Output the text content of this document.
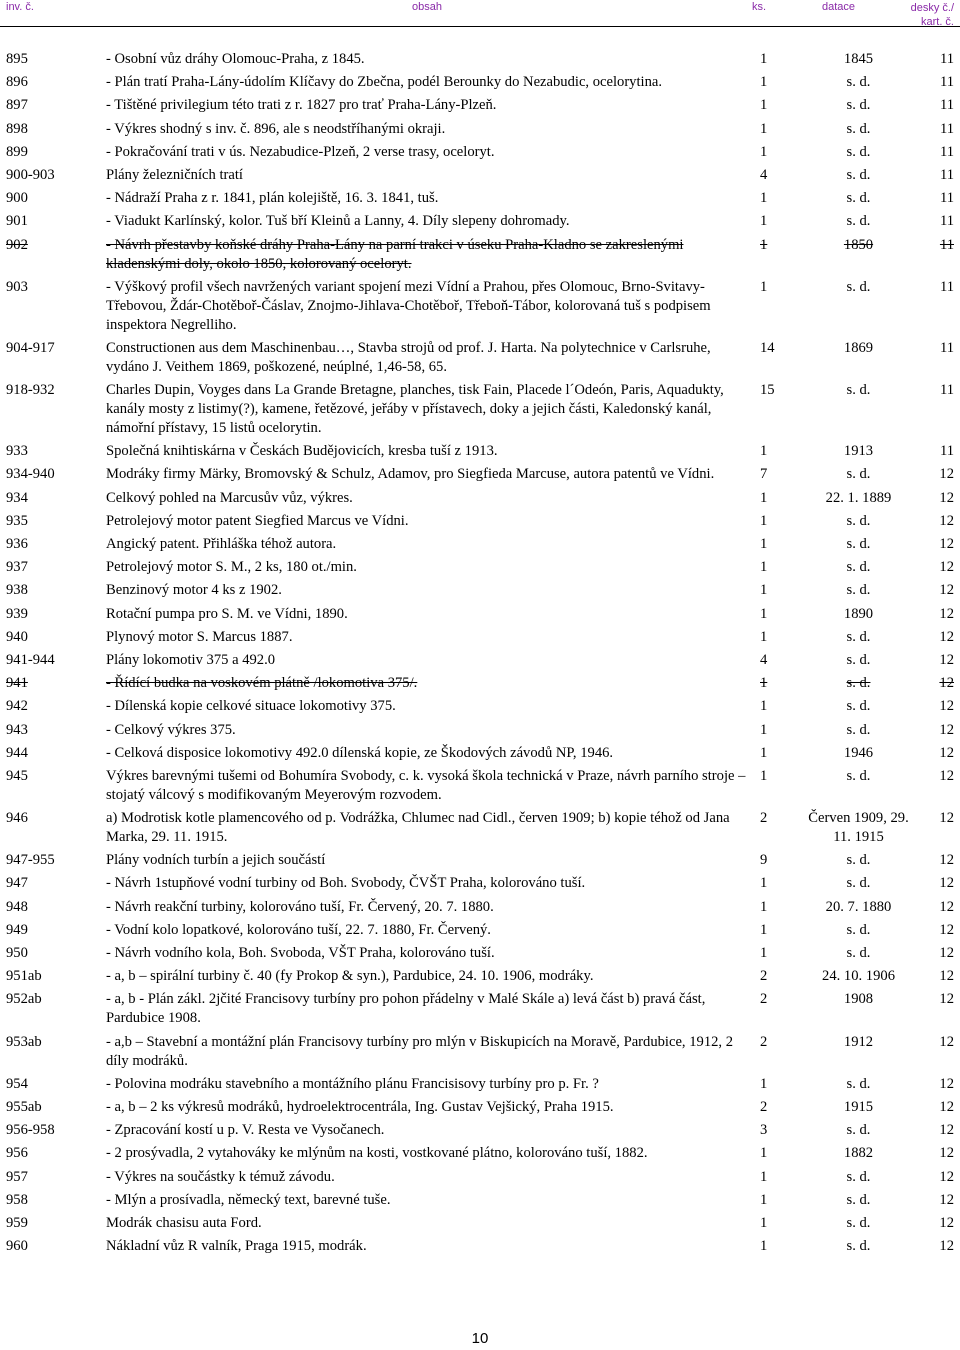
inv. č.	obsah	ks.	datace	desky č./
kart. č.
895	- Osobní vůz dráhy Olomouc-Praha, z 1845.	1	1845	11
896	- Plán tratí Praha-Lány-údolím Klíčavy do Zbečna, podél Berounky do Nezabudic, ocelorytina.	1	s. d.	11
897	- Tištěné privilegium této trati z r. 1827 pro trať Praha-Lány-Plzeň.	1	s. d.	11
898	- Výkres shodný s inv. č. 896, ale s neodstříhanými okraji.	1	s. d.	11
899	- Pokračování trati v ús. Nezabudice-Plzeň, 2 verse trasy, oceloryt.	1	s. d.	11
900-903	Plány železničních tratí	4	s. d.	11
900	- Nádraží Praha z r. 1841, plán kolejiště, 16. 3. 1841, tuš.	1	s. d.	11
901	- Viadukt Karlínský, kolor. Tuš bří Kleinů a Lanny, 4. Díly slepeny dohromady.	1	s. d.	11
902	- Návrh přestavby koňské dráhy Praha-Lány na parní trakci v úseku Praha-Kladno se zakreslenými kladenskými doly, okolo 1850, kolorovaný oceloryt.	1	1850	11
903	- Výškový profil všech navržených variant spojení mezi Vídní a Prahou, přes Olomouc, Brno-Svitavy-Třebovou, Ždár-Chotěboř-Čáslav, Znojmo-Jihlava-Chotěboř, Třeboň-Tábor, kolorovaná tuš s podpisem inspektora Negrelliho.	1	s. d.	11
904-917	Constructionen aus dem Maschinenbau…, Stavba strojů od prof. J. Harta. Na polytechnice v Carlsruhe, vydáno J. Veithem 1869, poškozené, neúplné, 1,46-58, 65.	14	1869	11
918-932	Charles Dupin, Voyges dans La Grande Bretagne, planches, tisk Fain, Placede l´Odeón, Paris, Aquadukty, kanály mosty z listimy(?), kamene, řetězové, jeřáby v přístavech, doky a jejich části, Kaledonský kanál, námořní přístavy, 15 listů ocelorytin.	15	s. d.	11
933	Společná knihtiskárna v Českách Budějovicích, kresba tuší z 1913.	1	1913	11
934-940	Modráky firmy Märky, Bromovský & Schulz, Adamov, pro Siegfieda Marcuse, autora patentů ve Vídni.	7	s. d.	12
934	Celkový pohled na Marcusův vůz, výkres.	1	22. 1. 1889	12
935	Petrolejový motor patent Siegfied Marcus ve Vídni.	1	s. d.	12
936	Angický patent. Přihláška téhož autora.	1	s. d.	12
937	Petrolejový motor S. M., 2 ks, 180 ot./min.	1	s. d.	12
938	Benzinový motor 4 ks z 1902.	1	s. d.	12
939	Rotační pumpa pro S. M. ve Vídni, 1890.	1	1890	12
940	Plynový motor S. Marcus 1887.	1	s. d.	12
941-944	Plány lokomotiv 375 a 492.0	4	s. d.	12
941	- Řídící budka na voskovém plátně /lokomotiva 375/.	1	s. d.	12
942	- Dílenská kopie celkové situace lokomotivy 375.	1	s. d.	12
943	- Celkový výkres 375.	1	s. d.	12
944	- Celková disposice lokomotivy 492.0 dílenská kopie, ze Škodových závodů NP, 1946.	1	1946	12
945	Výkres barevnými tušemi od Bohumíra Svobody, c. k. vysoká škola technická v Praze, návrh parního stroje –stojatý válcový s modifikovaným Meyerovým rozvodem.	1	s. d.	12
946	a) Modrotisk kotle plamencového od p. Vodrážka, Chlumec nad Cidl., červen 1909; b) kopie téhož od Jana Marka, 29. 11. 1915.	2	Červen 1909, 29. 11. 1915	12
947-955	Plány vodních turbín a jejich součástí	9	s. d.	12
947	- Návrh 1stupňové vodní turbiny od Boh. Svobody, ČVŠT Praha, kolorováno tuší.	1	s. d.	12
948	- Návrh reakční turbiny, kolorováno tuší, Fr. Červený, 20. 7. 1880.	1	20. 7. 1880	12
949	- Vodní kolo lopatkové, kolorováno tuší, 22. 7. 1880, Fr. Červený.	1	s. d.	12
950	- Návrh vodního kola, Boh. Svoboda, VŠT Praha, kolorováno tuší.	1	s. d.	12
951ab	- a, b – spirální turbiny č. 40 (fy Prokop & syn.), Pardubice, 24. 10. 1906, modráky.	2	24. 10. 1906	12
952ab	- a, b - Plán zákl. 2jčité Francisovy turbíny pro pohon přádelny v Malé Skále a) levá část b) pravá část, Pardubice 1908.	2	1908	12
953ab	- a,b – Stavební a montážní plán Francisovy turbíny pro mlýn v Biskupicích na Moravě, Pardubice, 1912, 2 díly modráků.	2	1912	12
954	- Polovina modráku stavebního a montážního plánu Francisisovy turbíny pro p. Fr. ?	1	s. d.	12
955ab	- a, b – 2 ks výkresů modráků, hydroelektrocentrála, Ing. Gustav Vejšický, Praha 1915.	2	1915	12
956-958	- Zpracování kostí u p. V. Resta ve Vysočanech.	3	s. d.	12
956	- 2 prosývadla, 2 vytahováky ke mlýnům na kosti, vostkované plátno, kolorováno tuší, 1882.	1	1882	12
957	- Výkres na součástky k témuž závodu.	1	s. d.	12
958	- Mlýn a prosívadla, německý text, barevné tuše.	1	s. d.	12
959	Modrák chasisu auta Ford.	1	s. d.	12
960	Nákladní vůz R valník, Praga 1915, modrák.	1	s. d.	12
10
